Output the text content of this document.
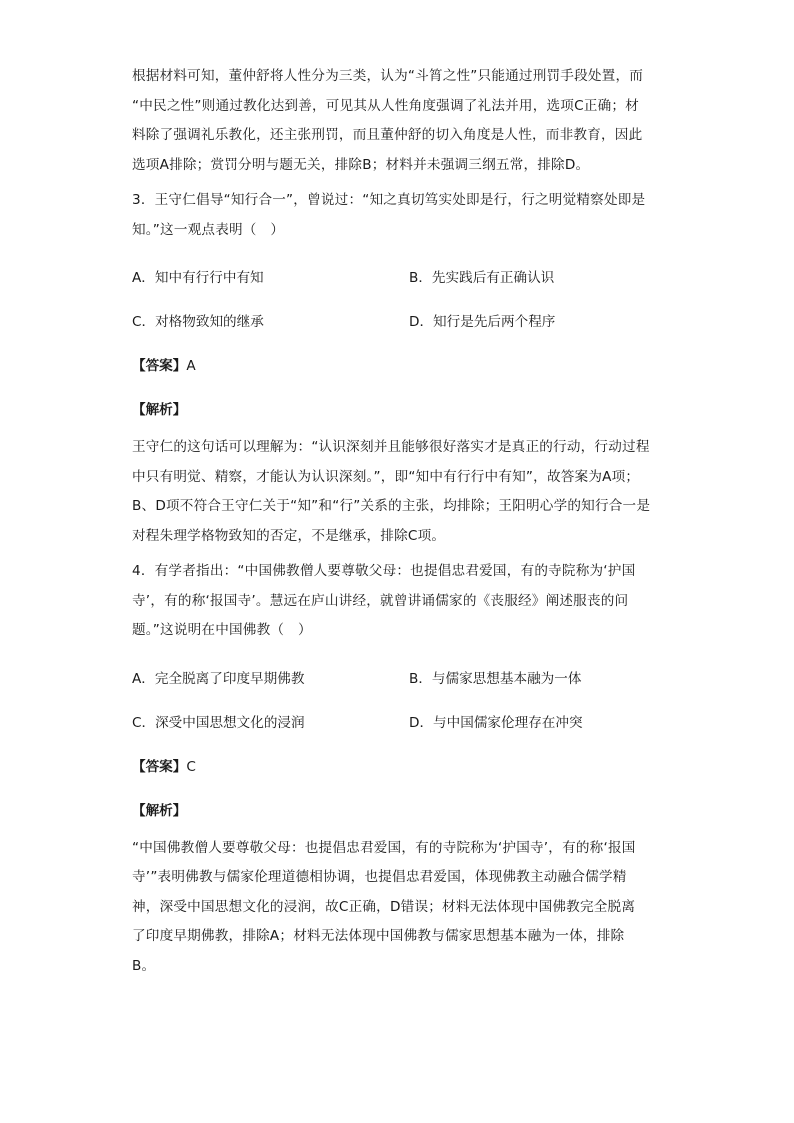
根据材料可知，董仲舒将人性分为三类，认为“斗筲之性”只能通过刑罚手段处置，而

“中民之性”则通过教化达到善，可见其从人性角度强调了礼法并用，选项C正确；材

料除了强调礼乐教化，还主张刑罚，而且董仲舒的切入角度是人性，而非教育，因此

选项A排除；赏罚分明与题无关，排除B；材料并未强调三纲五常，排除D。

3．王守仁倡导“知行合一”，曾说过：“知之真切笃实处即是行，行之明觉精察处即是

知。”这一观点表明（　）

A．知中有行行中有知	B．先实践后有正确认识

C．对格物致知的继承	D．知行是先后两个程序

【答案】A

【解析】

王守仁的这句话可以理解为：“认识深刻并且能够很好落实才是真正的行动，行动过程

中只有明觉、精察，才能认为认识深刻。”，即“知中有行行中有知”，故答案为A项；

B、D项不符合王守仁关于“知”和“行”关系的主张，均排除；王阳明心学的知行合一是

对程朱理学格物致知的否定，不是继承，排除C项。

4．有学者指出：“中国佛教僧人要尊敬父母：也提倡忠君爱国，有的寺院称为‘护国

寺’，有的称‘报国寺’。慧远在庐山讲经，就曾讲诵儒家的《丧服经》阐述服丧的问

题。”这说明在中国佛教（　）

A．完全脱离了印度早期佛教	B．与儒家思想基本融为一体

C．深受中国思想文化的浸润	D．与中国儒家伦理存在冲突

【答案】C

【解析】

“中国佛教僧人要尊敬父母：也提倡忠君爱国，有的寺院称为‘护国寺’，有的称‘报国

寺’”表明佛教与儒家伦理道德相协调，也提倡忠君爱国，体现佛教主动融合儒学精

神，深受中国思想文化的浸润，故C正确，D错误；材料无法体现中国佛教完全脱离

了印度早期佛教，排除A；材料无法体现中国佛教与儒家思想基本融为一体，排除

B。
